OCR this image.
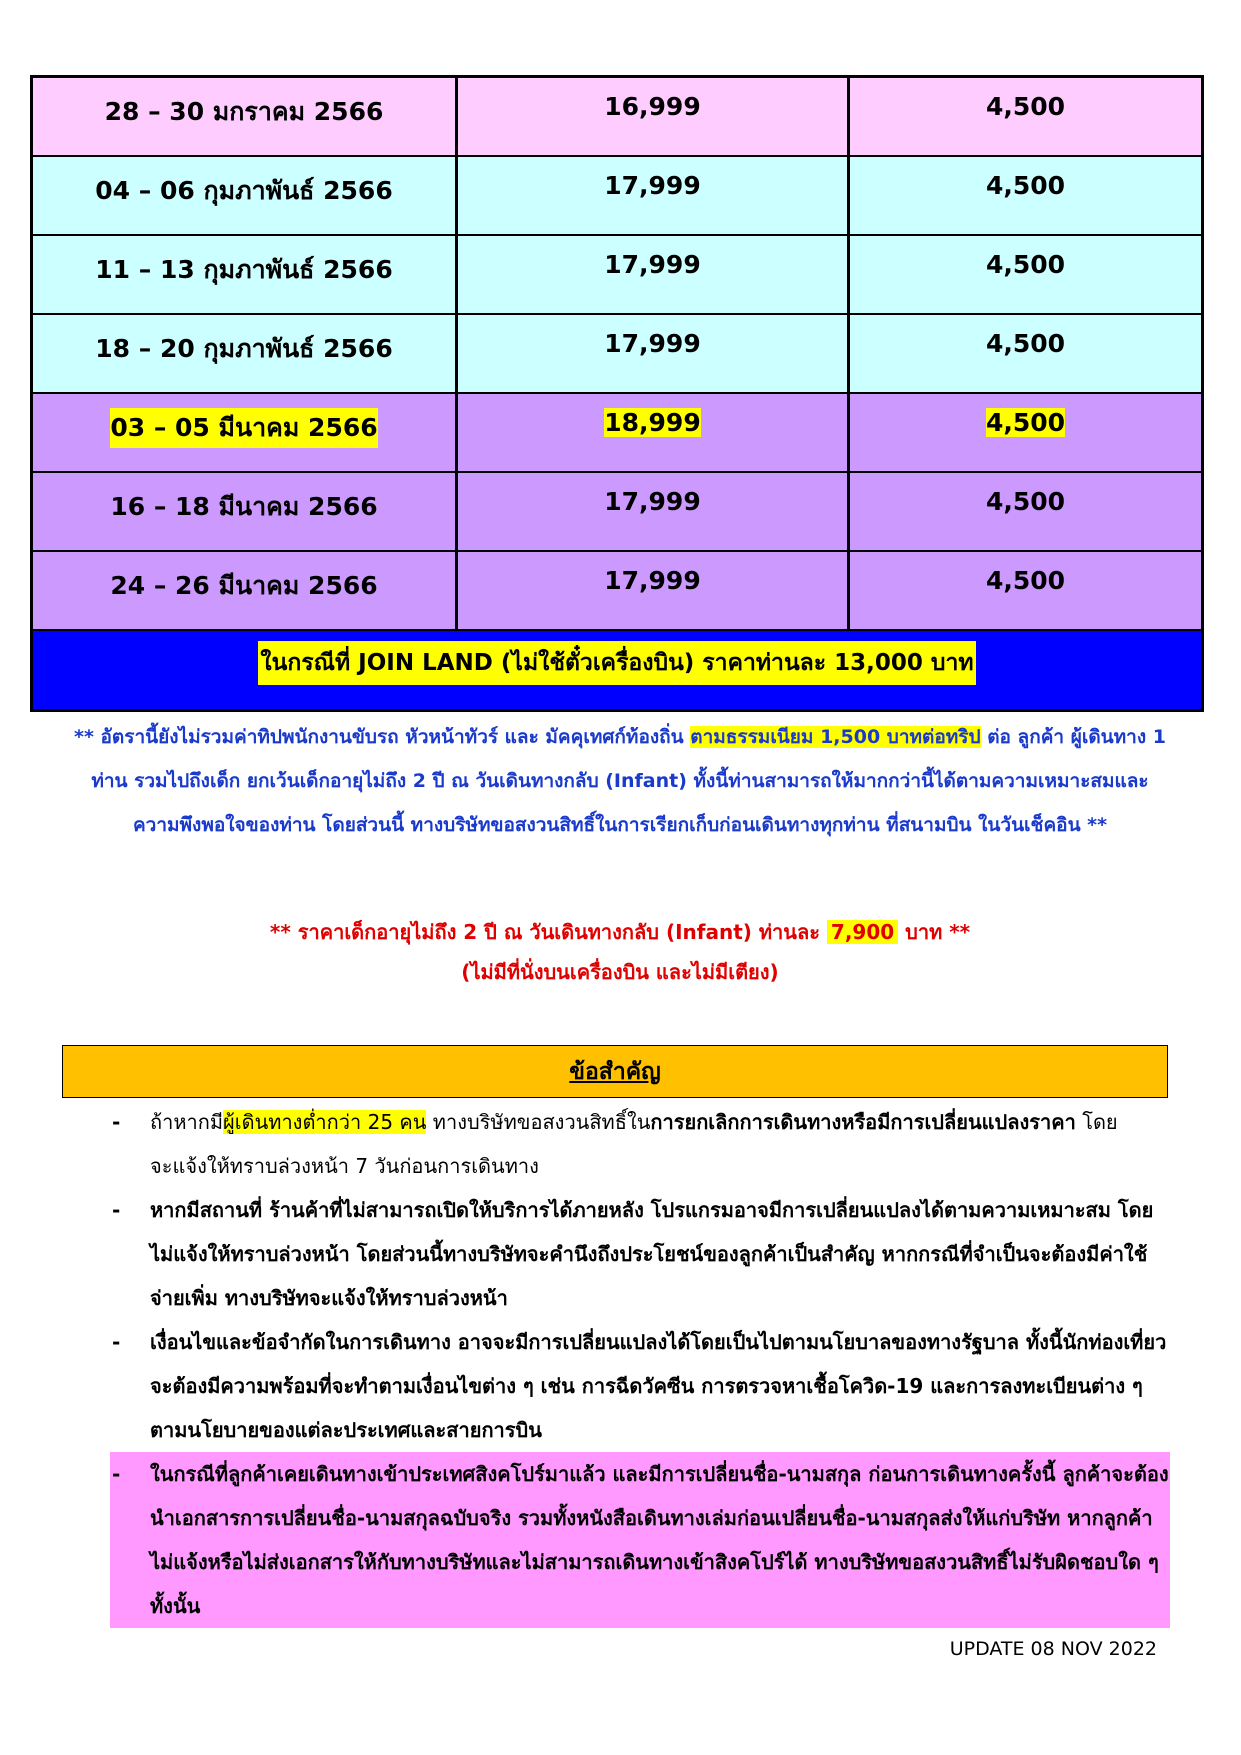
28 – 30 มกราคม 2566	16,999	4,500
04 – 06 กุมภาพันธ์ 2566	17,999	4,500
11 – 13 กุมภาพันธ์ 2566	17,999	4,500
18 – 20 กุมภาพันธ์ 2566	17,999	4,500
03 – 05 มีนาคม 2566	18,999	4,500
16 – 18 มีนาคม 2566	17,999	4,500
24 – 26 มีนาคม 2566	17,999	4,500
ในกรณีที่ JOIN LAND (ไม่ใช้ตั๋วเครื่องบิน) ราคาท่านละ 13,000 บาท
** อัตรานี้ยังไม่รวมค่าทิปพนักงานขับรถ หัวหน้าทัวร์ และ มัคคุเทศก์ท้องถิ่น ตามธรรมเนียม 1,500 บาทต่อทริป ต่อ ลูกค้า ผู้เดินทาง 1 ท่าน รวมไปถึงเด็ก ยกเว้นเด็กอายุไม่ถึง 2 ปี ณ วันเดินทางกลับ (Infant) ทั้งนี้ท่านสามารถให้มากกว่านี้ได้ตามความเหมาะสมและความพึงพอใจของท่าน โดยส่วนนี้ ทางบริษัทขอสงวนสิทธิ์ในการเรียกเก็บก่อนเดินทางทุกท่าน ที่สนามบิน ในวันเช็คอิน **
** ราคาเด็กอายุไม่ถึง 2 ปี ณ วันเดินทางกลับ (Infant) ท่านละ 7,900 บาท **
(ไม่มีที่นั่งบนเครื่องบิน และไม่มีเตียง)
ข้อสำคัญ
- ถ้าหากมีผู้เดินทางต่ำกว่า 25 คน ทางบริษัทขอสงวนสิทธิ์ในการยกเลิกการเดินทางหรือมีการเปลี่ยนแปลงราคา โดยจะแจ้งให้ทราบล่วงหน้า 7 วันก่อนการเดินทาง
- หากมีสถานที่ ร้านค้าที่ไม่สามารถเปิดให้บริการได้ภายหลัง โปรแกรมอาจมีการเปลี่ยนแปลงได้ตามความเหมาะสม โดยไม่แจ้งให้ทราบล่วงหน้า โดยส่วนนี้ทางบริษัทจะคำนึงถึงประโยชน์ของลูกค้าเป็นสำคัญ หากกรณีที่จำเป็นจะต้องมีค่าใช้จ่ายเพิ่ม ทางบริษัทจะแจ้งให้ทราบล่วงหน้า
- เงื่อนไขและข้อจำกัดในการเดินทาง อาจจะมีการเปลี่ยนแปลงได้โดยเป็นไปตามนโยบาลของทางรัฐบาล ทั้งนี้นักท่องเที่ยวจะต้องมีความพร้อมที่จะทำตามเงื่อนไขต่าง ๆ เช่น การฉีดวัคซีน การตรวจหาเชื้อโควิด-19 และการลงทะเบียนต่าง ๆตามนโยบายของแต่ละประเทศและสายการบิน
- ในกรณีที่ลูกค้าเคยเดินทางเข้าประเทศสิงคโปร์มาแล้ว และมีการเปลี่ยนชื่อ-นามสกุล ก่อนการเดินทางครั้งนี้ ลูกค้าจะต้องนำเอกสารการเปลี่ยนชื่อ-นามสกุลฉบับจริง รวมทั้งหนังสือเดินทางเล่มก่อนเปลี่ยนชื่อ-นามสกุลส่งให้แก่บริษัท หากลูกค้าไม่แจ้งหรือไม่ส่งเอกสารให้กับทางบริษัทและไม่สามารถเดินทางเข้าสิงคโปร์ได้ ทางบริษัทขอสงวนสิทธิ์ไม่รับผิดชอบใด ๆทั้งนั้น
UPDATE 08 NOV 2022
